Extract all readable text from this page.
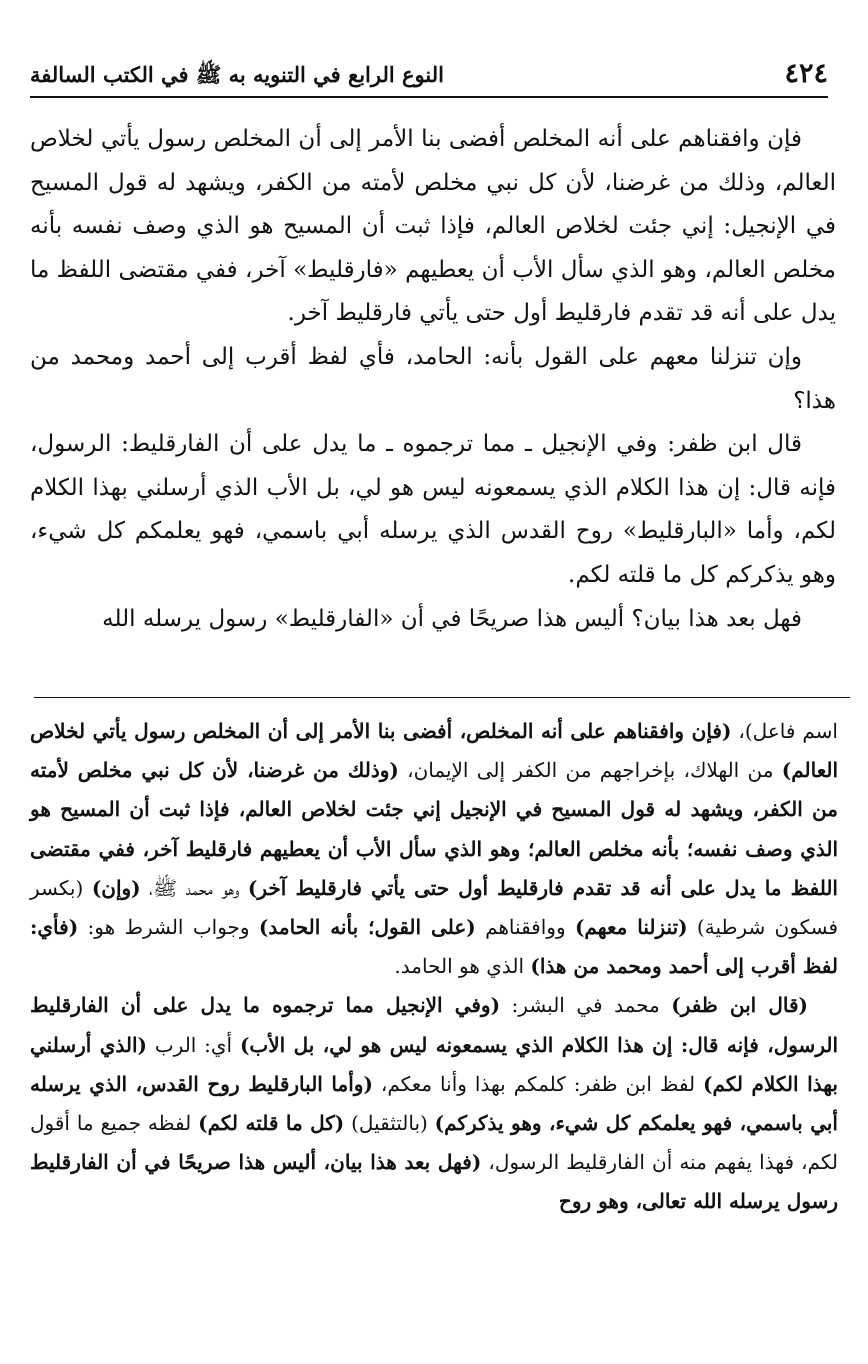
٤٢٤
النوع الرابع في التنويه به ﷺ في الكتب السالفة

فإن وافقناهم على أنه المخلص أفضى بنا الأمر إلى أن المخلص رسول يأتي لخلاص العالم، وذلك من غرضنا، لأن كل نبي مخلص لأمته من الكفر، ويشهد له قول المسيح في الإنجيل: إني جئت لخلاص العالم، فإذا ثبت أن المسيح هو الذي وصف نفسه بأنه مخلص العالم، وهو الذي سأل الأب أن يعطيهم «فارقليط» آخر، ففي مقتضى اللفظ ما يدل على أنه قد تقدم فارقليط أول حتى يأتي فارقليط آخر.

وإن تنزلنا معهم على القول بأنه: الحامد، فأي لفظ أقرب إلى أحمد ومحمد من هذا؟

قال ابن ظفر: وفي الإنجيل ـ مما ترجموه ـ ما يدل على أن الفارقليط: الرسول، فإنه قال: إن هذا الكلام الذي يسمعونه ليس هو لي، بل الأب الذي أرسلني بهذا الكلام لكم، وأما «البارقليط» روح القدس الذي يرسله أبي باسمي، فهو يعلمكم كل شيء، وهو يذكركم كل ما قلته لكم.

فهل بعد هذا بيان؟ أليس هذا صريحًا في أن «الفارقليط» رسول يرسله الله

اسم فاعل)، (فإن وافقناهم على أنه المخلص، أفضى بنا الأمر إلى أن المخلص رسول يأتي لخلاص العالم) من الهلاك، بإخراجهم من الكفر إلى الإيمان، (وذلك من غرضنا، لأن كل نبي مخلص لأمته من الكفر، ويشهد له قول المسيح في الإنجيل إني جئت لخلاص العالم، فإذا ثبت أن المسيح هو الذي وصف نفسه؛ بأنه مخلص العالم؛ وهو الذي سأل الأب أن يعطيهم فارقليط آخر، ففي مقتضى اللفظ ما يدل على أنه قد تقدم فارقليط أول حتى يأتي فارقليط آخر) وهو محمد ﷺ، (وإن) (بكسر فسكون شرطية) (تنزلنا معهم) ووافقناهم (على القول؛ بأنه الحامد) وجواب الشرط هو: (فأي: لفظ أقرب إلى أحمد ومحمد من هذا) الذي هو الحامد.

(قال ابن ظفر) محمد في البشر: (وفي الإنجيل مما ترجموه ما يدل على أن الفارقليط الرسول، فإنه قال: إن هذا الكلام الذي يسمعونه ليس هو لي، بل الأب) أي: الرب (الذي أرسلني بهذا الكلام لكم) لفظ ابن ظفر: كلمكم بهذا وأنا معكم، (وأما البارقليط روح القدس، الذي يرسله أبي باسمي، فهو يعلمكم كل شيء، وهو يذكركم) (بالتثقيل) (كل ما قلته لكم) لفظه جميع ما أقول لكم، فهذا يفهم منه أن الفارقليط الرسول، (فهل بعد هذا بيان، أليس هذا صريحًا في أن الفارقليط رسول يرسله الله تعالى، وهو روح
